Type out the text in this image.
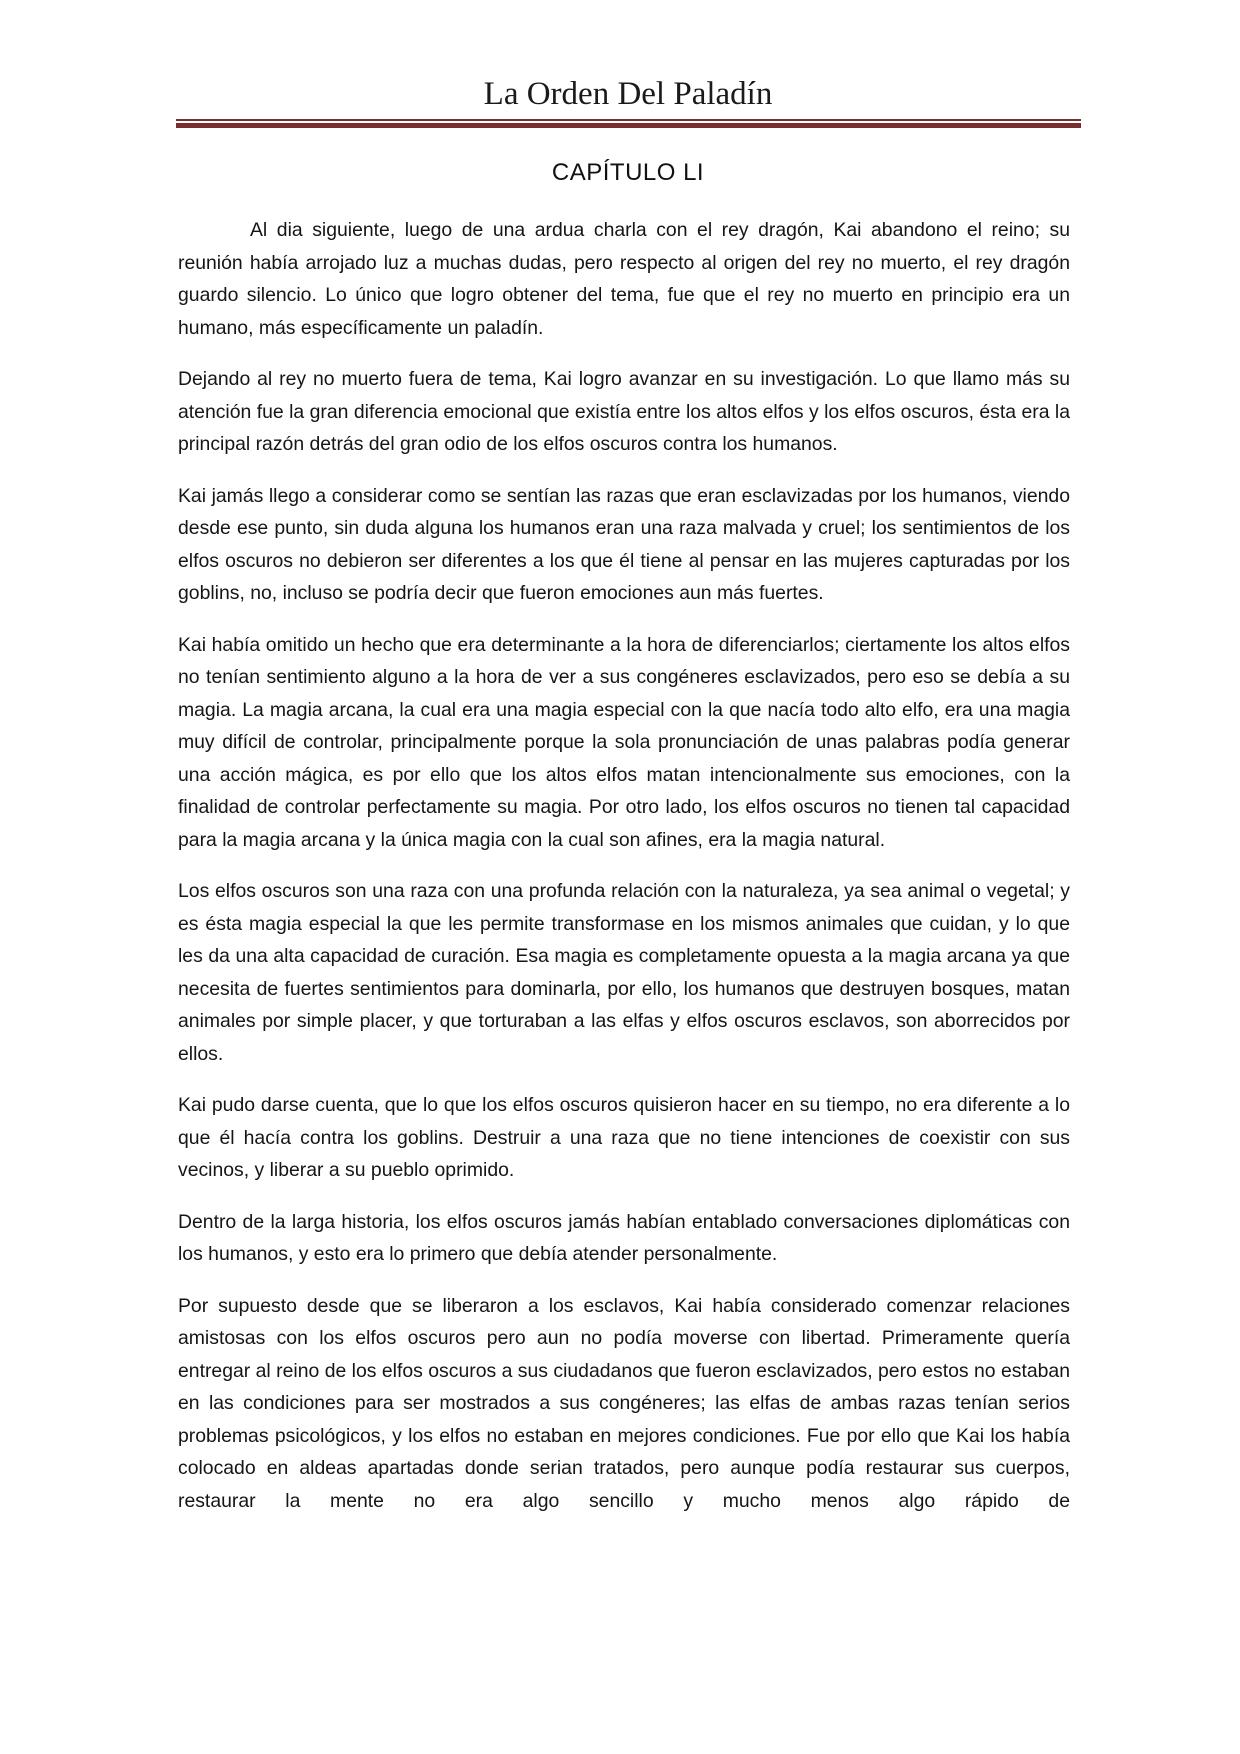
La Orden Del Paladín
CAPÍTULO LI

Al dia siguiente, luego de una ardua charla con el rey dragón, Kai abandono el reino; su reunión había arrojado luz a muchas dudas, pero respecto al origen del rey no muerto, el rey dragón guardo silencio. Lo único que logro obtener del tema, fue que el rey no muerto en principio era un humano, más específicamente un paladín.

Dejando al rey no muerto fuera de tema, Kai logro avanzar en su investigación. Lo que llamo más su atención fue la gran diferencia emocional que existía entre los altos elfos y los elfos oscuros, ésta era la principal razón detrás del gran odio de los elfos oscuros contra los humanos.

Kai jamás llego a considerar como se sentían las razas que eran esclavizadas por los humanos, viendo desde ese punto, sin duda alguna los humanos eran una raza malvada y cruel; los sentimientos de los elfos oscuros no debieron ser diferentes a los que él tiene al pensar en las mujeres capturadas por los goblins, no, incluso se podría decir que fueron emociones aun más fuertes.

Kai había omitido un hecho que era determinante a la hora de diferenciarlos; ciertamente los altos elfos no tenían sentimiento alguno a la hora de ver a sus congéneres esclavizados, pero eso se debía a su magia. La magia arcana, la cual era una magia especial con la que nacía todo alto elfo, era una magia muy difícil de controlar, principalmente porque la sola pronunciación de unas palabras podía generar una acción mágica, es por ello que los altos elfos matan intencionalmente sus emociones, con la finalidad de controlar perfectamente su magia. Por otro lado, los elfos oscuros no tienen tal capacidad para la magia arcana y la única magia con la cual son afines, era la magia natural.

Los elfos oscuros son una raza con una profunda relación con la naturaleza, ya sea animal o vegetal; y es ésta magia especial la que les permite transformase en los mismos animales que cuidan, y lo que les da una alta capacidad de curación. Esa magia es completamente opuesta a la magia arcana ya que necesita de fuertes sentimientos para dominarla, por ello, los humanos que destruyen bosques, matan animales por simple placer, y que torturaban a las elfas y elfos oscuros esclavos, son aborrecidos por ellos.

Kai pudo darse cuenta, que lo que los elfos oscuros quisieron hacer en su tiempo, no era diferente a lo que él hacía contra los goblins. Destruir a una raza que no tiene intenciones de coexistir con sus vecinos, y liberar a su pueblo oprimido.

Dentro de la larga historia, los elfos oscuros jamás habían entablado conversaciones diplomáticas con los humanos, y esto era lo primero que debía atender personalmente.

Por supuesto desde que se liberaron a los esclavos, Kai había considerado comenzar relaciones amistosas con los elfos oscuros pero aun no podía moverse con libertad. Primeramente quería entregar al reino de los elfos oscuros a sus ciudadanos que fueron esclavizados, pero estos no estaban en las condiciones para ser mostrados a sus congéneres; las elfas de ambas razas tenían serios problemas psicológicos, y los elfos no estaban en mejores condiciones. Fue por ello que Kai los había colocado en aldeas apartadas donde serian tratados, pero aunque podía restaurar sus cuerpos, restaurar la mente no era algo sencillo y mucho menos algo rápido de
